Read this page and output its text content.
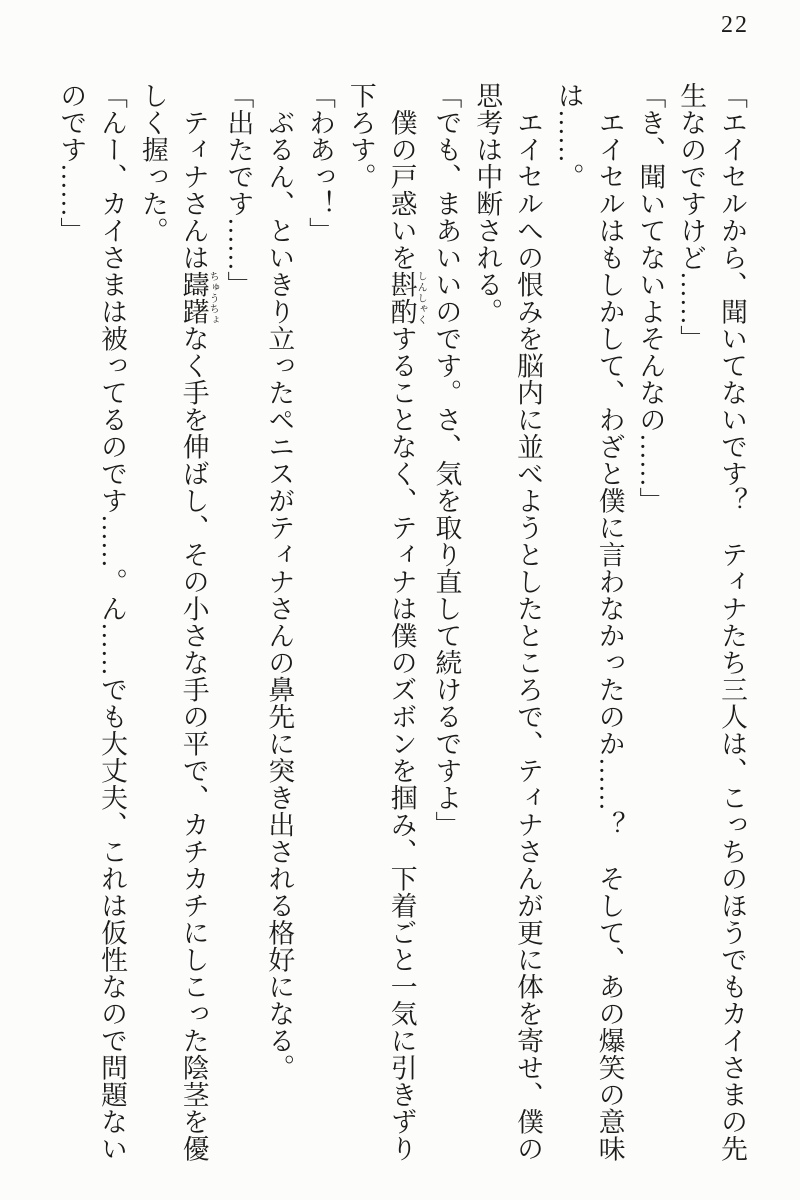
22

「エイセルから、聞いてないです？　ティナたち三人は、こっちのほうでもカイさまの先

生なのですけど……」

「き、聞いてないよそんなの……」

　エイセルはもしかして、わざと僕に言わなかったのか……？　そして、あの爆笑の意味

は……。

　エイセルへの恨みを脳内に並べようとしたところで、ティナさんが更に体を寄せ、僕の

思考は中断される。

「でも、まあいいのです。さ、気を取り直して続けるですよ」

　僕の戸惑いを斟酌しんしゃくすることなく、ティナは僕のズボンを掴み、下着ごと一気に引きずり

下ろす。

「わあっ！」

　ぶるん、といきり立ったペニスがティナさんの鼻先に突き出される格好になる。

「出たです……」

　ティナさんは躊躇ちゅうちょなく手を伸ばし、その小さな手の平で、カチカチにしこった陰茎を優

しく握った。

「んー、カイさまは被ってるのです……。ん……でも大丈夫、これは仮性なので問題ない

のです……」
